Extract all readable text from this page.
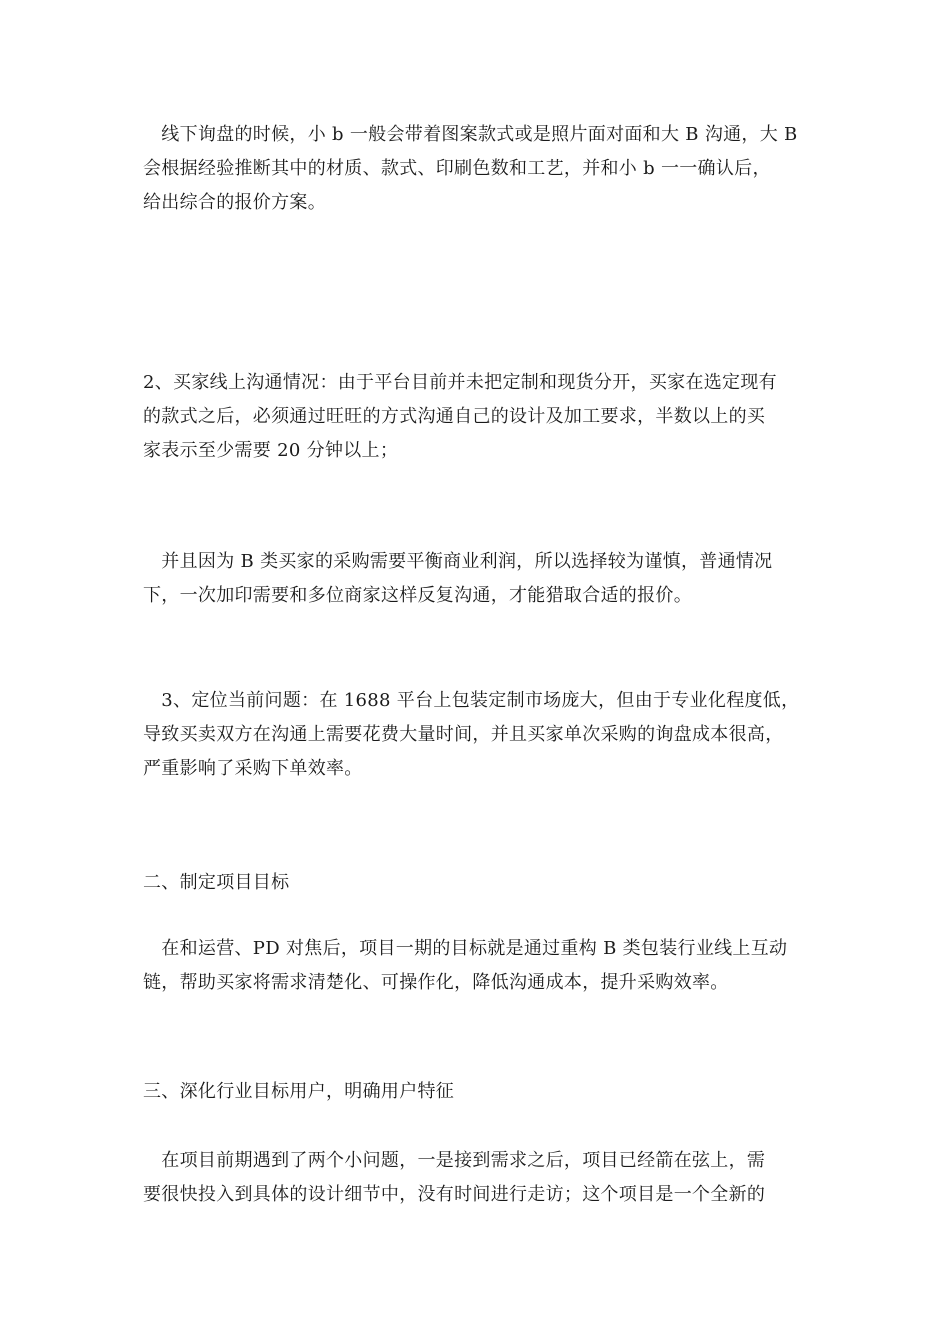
　线下询盘的时候，小 b 一般会带着图案款式或是照片面对面和大 B 沟通，大 B
会根据经验推断其中的材质、款式、印刷色数和工艺，并和小 b 一一确认后，
给出综合的报价方案。
2、买家线上沟通情况：由于平台目前并未把定制和现货分开，买家在选定现有
的款式之后，必须通过旺旺的方式沟通自己的设计及加工要求，半数以上的买
家表示至少需要 20 分钟以上；
　并且因为 B 类买家的采购需要平衡商业利润，所以选择较为谨慎，普通情况
下，一次加印需要和多位商家这样反复沟通，才能猎取合适的报价。
　3、定位当前问题：在 1688 平台上包装定制市场庞大，但由于专业化程度低，
导致买卖双方在沟通上需要花费大量时间，并且买家单次采购的询盘成本很高，
严重影响了采购下单效率。
二、制定项目目标
　在和运营、PD 对焦后，项目一期的目标就是通过重构 B 类包装行业线上互动
链，帮助买家将需求清楚化、可操作化，降低沟通成本，提升采购效率。
三、深化行业目标用户，明确用户特征
　在项目前期遇到了两个小问题，一是接到需求之后，项目已经箭在弦上，需
要很快投入到具体的设计细节中，没有时间进行走访；这个项目是一个全新的
